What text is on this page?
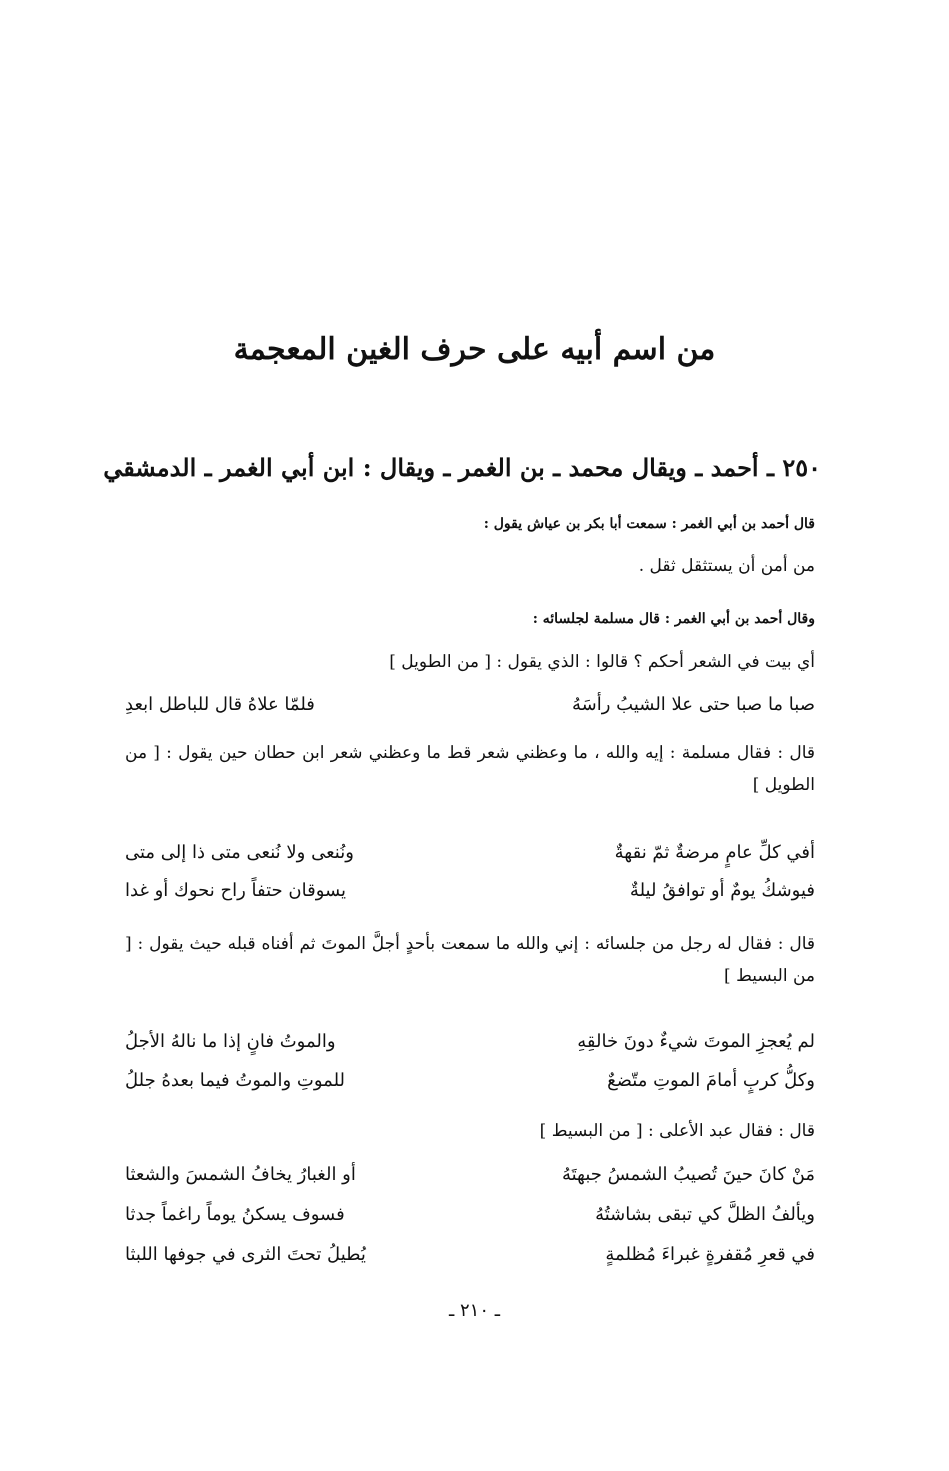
من اسم أبيه على حرف الغين المعجمة
٢٥٠ ـ أحمد ـ ويقال محمد ـ بن الغمر ـ ويقال : ابن أبي الغمر ـ الدمشقي
قال أحمد بن أبي الغمر : سمعت أبا بكر بن عياش يقول :
من أمن أن يستثقل ثقل .
وقال أحمد بن أبي الغمر : قال مسلمة لجلسائه :
أي بيت في الشعر أحكم ؟ قالوا : الذي يقول : [ من الطويل ]
صبا ما صبا حتى علا الشيبُ رأسَهُ
فلمّا علاهُ قال للباطل ابعدِ
قال : فقال مسلمة : إيه والله ، ما وعظني شعر قط ما وعظني شعر ابن حطان حين يقول : [ من الطويل ]
أفي كلِّ عامٍ مرضةٌ ثمّ نقهةٌ
ونُنعى ولا نُنعى متى ذا إلى متى
فيوشكُ يومٌ أو توافقُ ليلةٌ
يسوقان حتفاً راح نحوك أو غدا
قال : فقال له رجل من جلسائه : إني والله ما سمعت بأحدٍ أجلَّ الموتَ ثم أفناه قبله حيث يقول : [ من البسيط ]
لم يُعجزِ الموتَ شيءٌ دونَ خالقِهِ
والموتُ فانٍ إذا ما نالهُ الأجلُ
وكلُّ كربٍ أمامَ الموتِ متّضعٌ
للموتِ والموتُ فيما بعدهُ جللُ
قال : فقال عبد الأعلى : [ من البسيط ]
مَنْ كانَ حينَ تُصيبُ الشمسُ جبهتَهُ
أو الغبارُ يخافُ الشمسَ والشعثا
ويألفُ الظلَّ كي تبقى بشاشتُهُ
فسوف يسكنُ يوماً راغماً جدثا
في قعرِ مُقفرةٍ غبراءَ مُظلمةٍ
يُطيلُ تحتَ الثرى في جوفها اللبثا
ـ ٢١٠ ـ
